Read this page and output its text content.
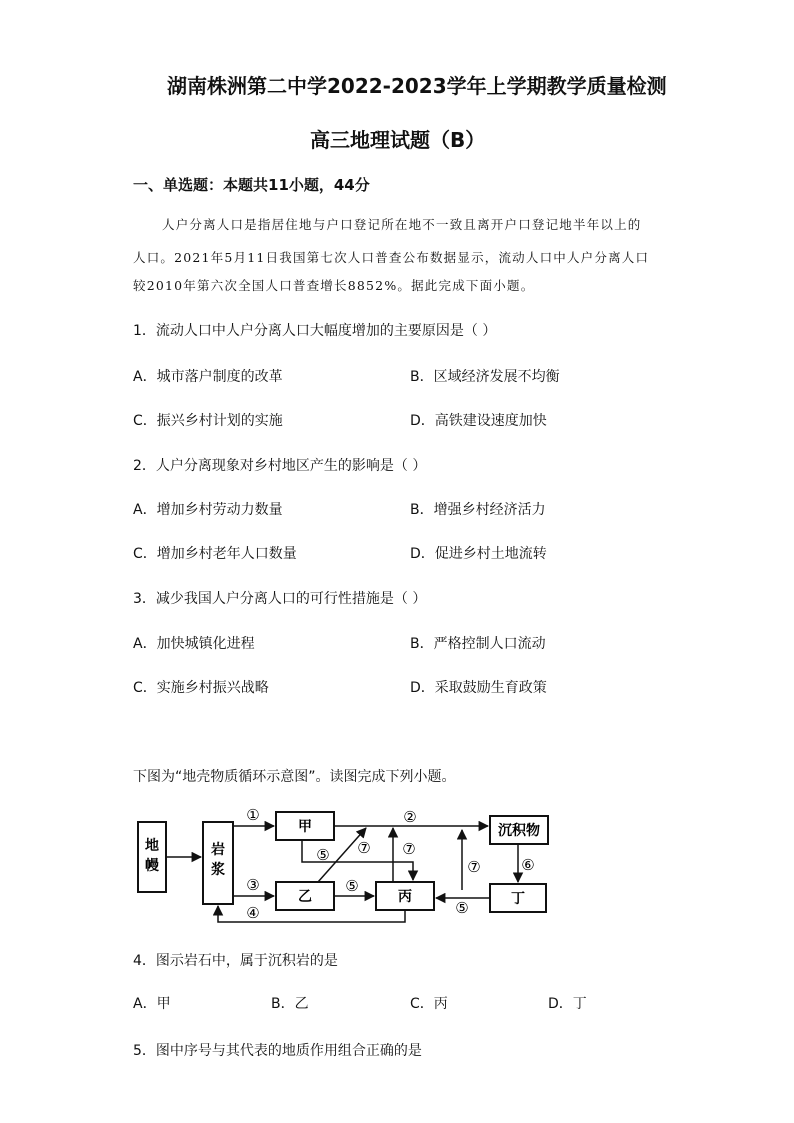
湖南株洲第二中学2022-2023学年上学期教学质量检测
高三地理试题（B）
一、单选题：本题共11小题，44分
人户分离人口是指居住地与户口登记所在地不一致且离开户口登记地半年以上的
人口。2021年5月11日我国第七次人口普查公布数据显示，流动人口中人户分离人口
较2010年第六次全国人口普查增长8852%。据此完成下面小题。
1．流动人口中人户分离人口大幅度增加的主要原因是（ ）
A．城市落户制度的改革	B．区域经济发展不均衡
C．振兴乡村计划的实施	D．高铁建设速度加快
2．人户分离现象对乡村地区产生的影响是（ ）
A．增加乡村劳动力数量	B．增强乡村经济活力
C．增加乡村老年人口数量	D．促进乡村土地流转
3．减少我国人户分离人口的可行性措施是（ ）
A．加快城镇化进程	B．严格控制人口流动
C．实施乡村振兴战略	D．采取鼓励生育政策
下图为“地壳物质循环示意图”。读图完成下列小题。
地
幔
岩
浆
甲
乙	丙
沉积物
丁
①	②
③
④
⑤
⑤
⑤
⑥
⑦ ⑦
⑦
4．图示岩石中，属于沉积岩的是
A．甲	B．乙	C．丙	D．丁
5．图中序号与其代表的地质作用组合正确的是
